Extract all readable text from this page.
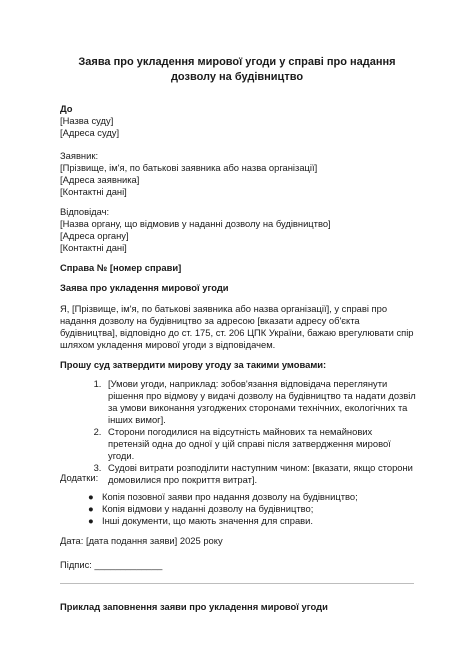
Заява про укладення мирової угоди у справі про надання дозволу на будівництво
До
[Назва суду]
[Адреса суду]
Заявник:
[Прізвище, ім'я, по батькові заявника або назва організації]
[Адреса заявника]
[Контактні дані]
Відповідач:
[Назва органу, що відмовив у наданні дозволу на будівництво]
[Адреса органу]
[Контактні дані]
Справа № [номер справи]
Заява про укладення мирової угоди
Я, [Прізвище, ім'я, по батькові заявника або назва організації], у справі про надання дозволу на будівництво за адресою [вказати адресу об'єкта будівництва], відповідно до ст. 175, ст. 206 ЦПК України, бажаю врегулювати спір шляхом укладення мирової угоди з відповідачем.
Прошу суд затвердити мирову угоду за такими умовами:
1. [Умови угоди, наприклад: зобов'язання відповідача переглянути рішення про відмову у видачі дозволу на будівництво та надати дозвіл за умови виконання узгоджених сторонами технічних, екологічних та інших вимог].
2. Сторони погодилися на відсутність майнових та немайнових претензій одна до одної у цій справі після затвердження мирової угоди.
3. Судові витрати розподілити наступним чином: [вказати, якщо сторони домовилися про покриття витрат].
Додатки:
● Копія позовної заяви про надання дозволу на будівництво;
● Копія відмови у наданні дозволу на будівництво;
● Інші документи, що мають значення для справи.
Дата: [дата подання заяви] 2025 року
Підпис: _____________
Приклад заповнення заяви про укладення мирової угоди
